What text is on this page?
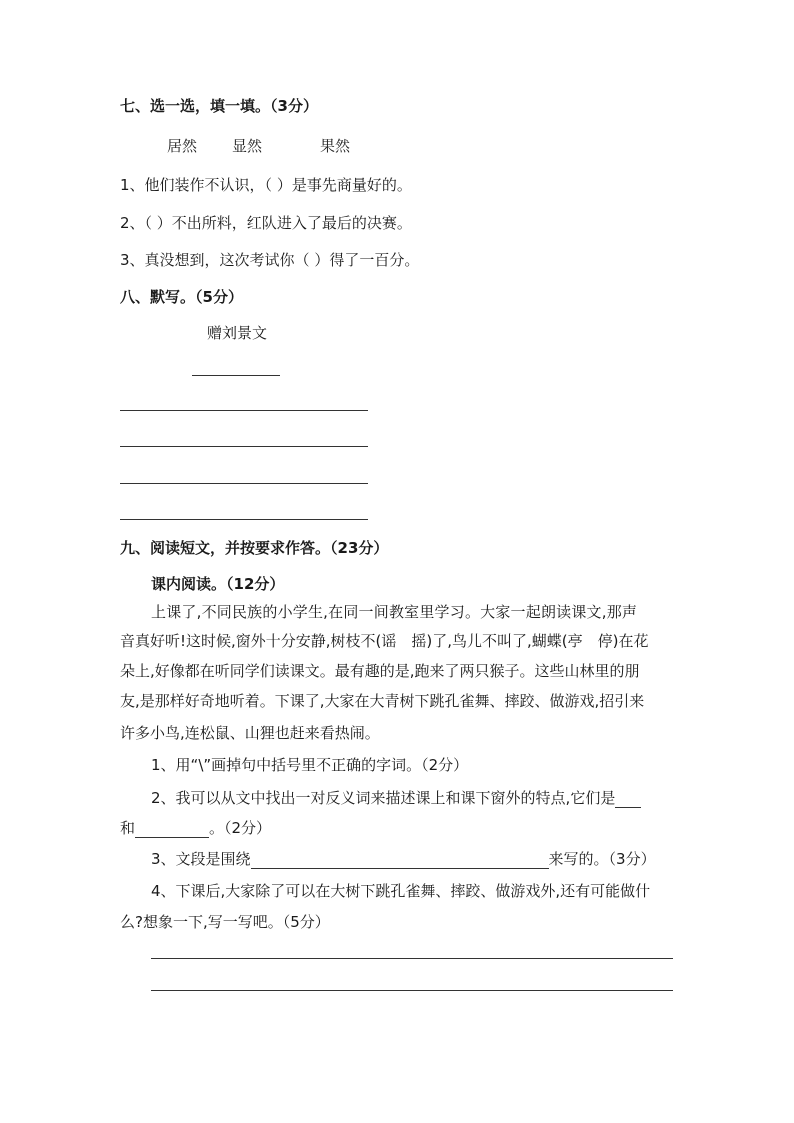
七、选一选，填一填。（3分）
居然 显然	果然
1、他们装作不认识，（ ）是事先商量好的。
2、（ ）不出所料，红队进入了最后的决赛。
3、真没想到，这次考试你（ ）得了一百分。
八、默写。（5分）
赠刘景文
九、阅读短文，并按要求作答。（23分）
课内阅读。（12分）
上课了,不同民族的小学生,在同一间教室里学习。大家一起朗读课文,那声
音真好听!这时候,窗外十分安静,树枝不(谣　摇)了,鸟儿不叫了,蝴蝶(亭　停)在花
朵上,好像都在听同学们读课文。最有趣的是,跑来了两只猴子。这些山林里的朋
友,是那样好奇地听着。下课了,大家在大青树下跳孔雀舞、摔跤、做游戏,招引来
许多小鸟,连松鼠、山狸也赶来看热闹。
1、用“\”画掉句中括号里不正确的字词。（2分）
2、我可以从文中找出一对反义词来描述课上和课下窗外的特点,它们是
和	。（2分）
3、文段是围绕	来写的。（3分）
4、下课后,大家除了可以在大树下跳孔雀舞、摔跤、做游戏外,还有可能做什
么?想象一下,写一写吧。（5分）
